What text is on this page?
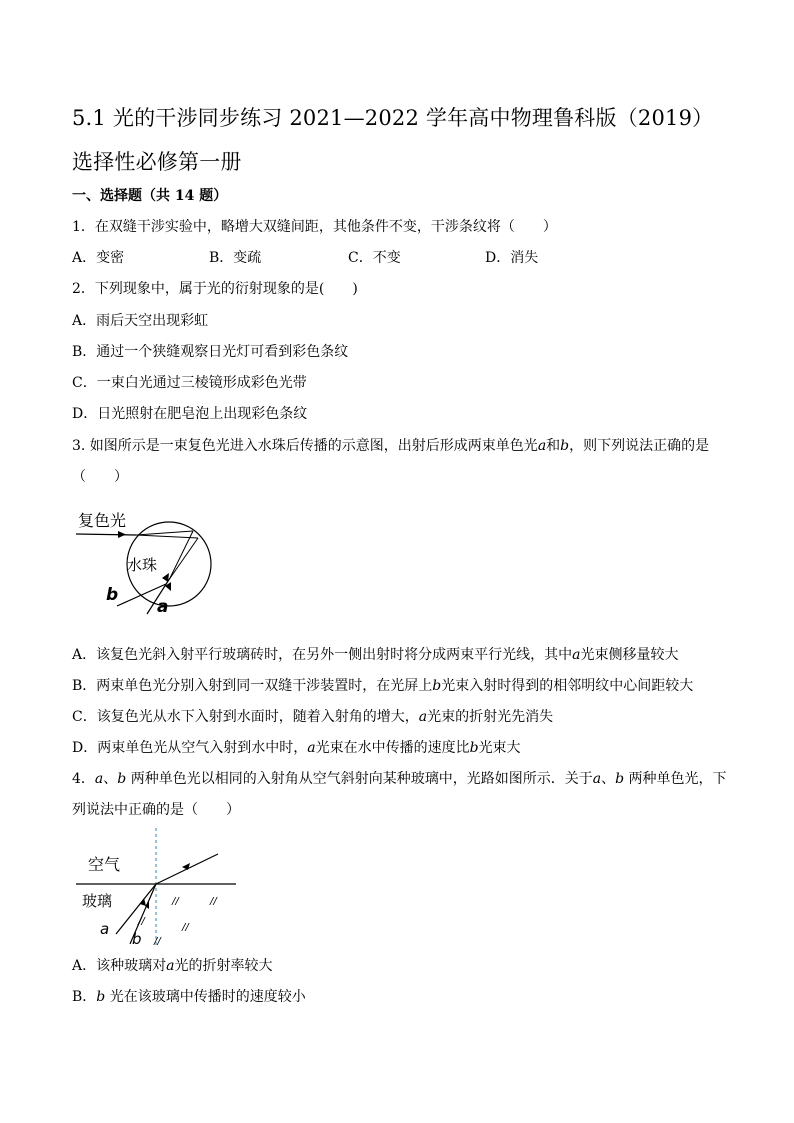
5.1 光的干涉同步练习 2021—2022 学年高中物理鲁科版（2019）选择性必修第一册
一、选择题（共 14 题）
1．在双缝干涉实验中，略增大双缝间距，其他条件不变，干涉条纹将（　　）
A．变密	B．变疏	C．不变	D．消失
2．下列现象中，属于光的衍射现象的是(　　)
A．雨后天空出现彩虹
B．通过一个狭缝观察日光灯可看到彩色条纹
C．一束白光通过三棱镜形成彩色光带
D．日光照射在肥皂泡上出现彩色条纹
3. 如图所示是一束复色光进入水珠后传播的示意图，出射后形成两束单色光a和b，则下列说法正确的是
（　　）
复色光
水珠
b
a
A．该复色光斜入射平行玻璃砖时，在另外一侧出射时将分成两束平行光线，其中a光束侧移量较大
B．两束单色光分别入射到同一双缝干涉装置时，在光屏上b光束入射时得到的相邻明纹中心间距较大
C．该复色光从水下入射到水面时，随着入射角的增大，a光束的折射光先消失
D．两束单色光从空气入射到水中时，a光束在水中传播的速度比b光束大
4．a、b 两种单色光以相同的入射角从空气斜射向某种玻璃中，光路如图所示．关于a、b 两种单色光，下
列说法中正确的是（　　）
空气
玻璃	//	//
//
//
//
a
b
A．该种玻璃对a光的折射率较大
B．b 光在该玻璃中传播时的速度较小
